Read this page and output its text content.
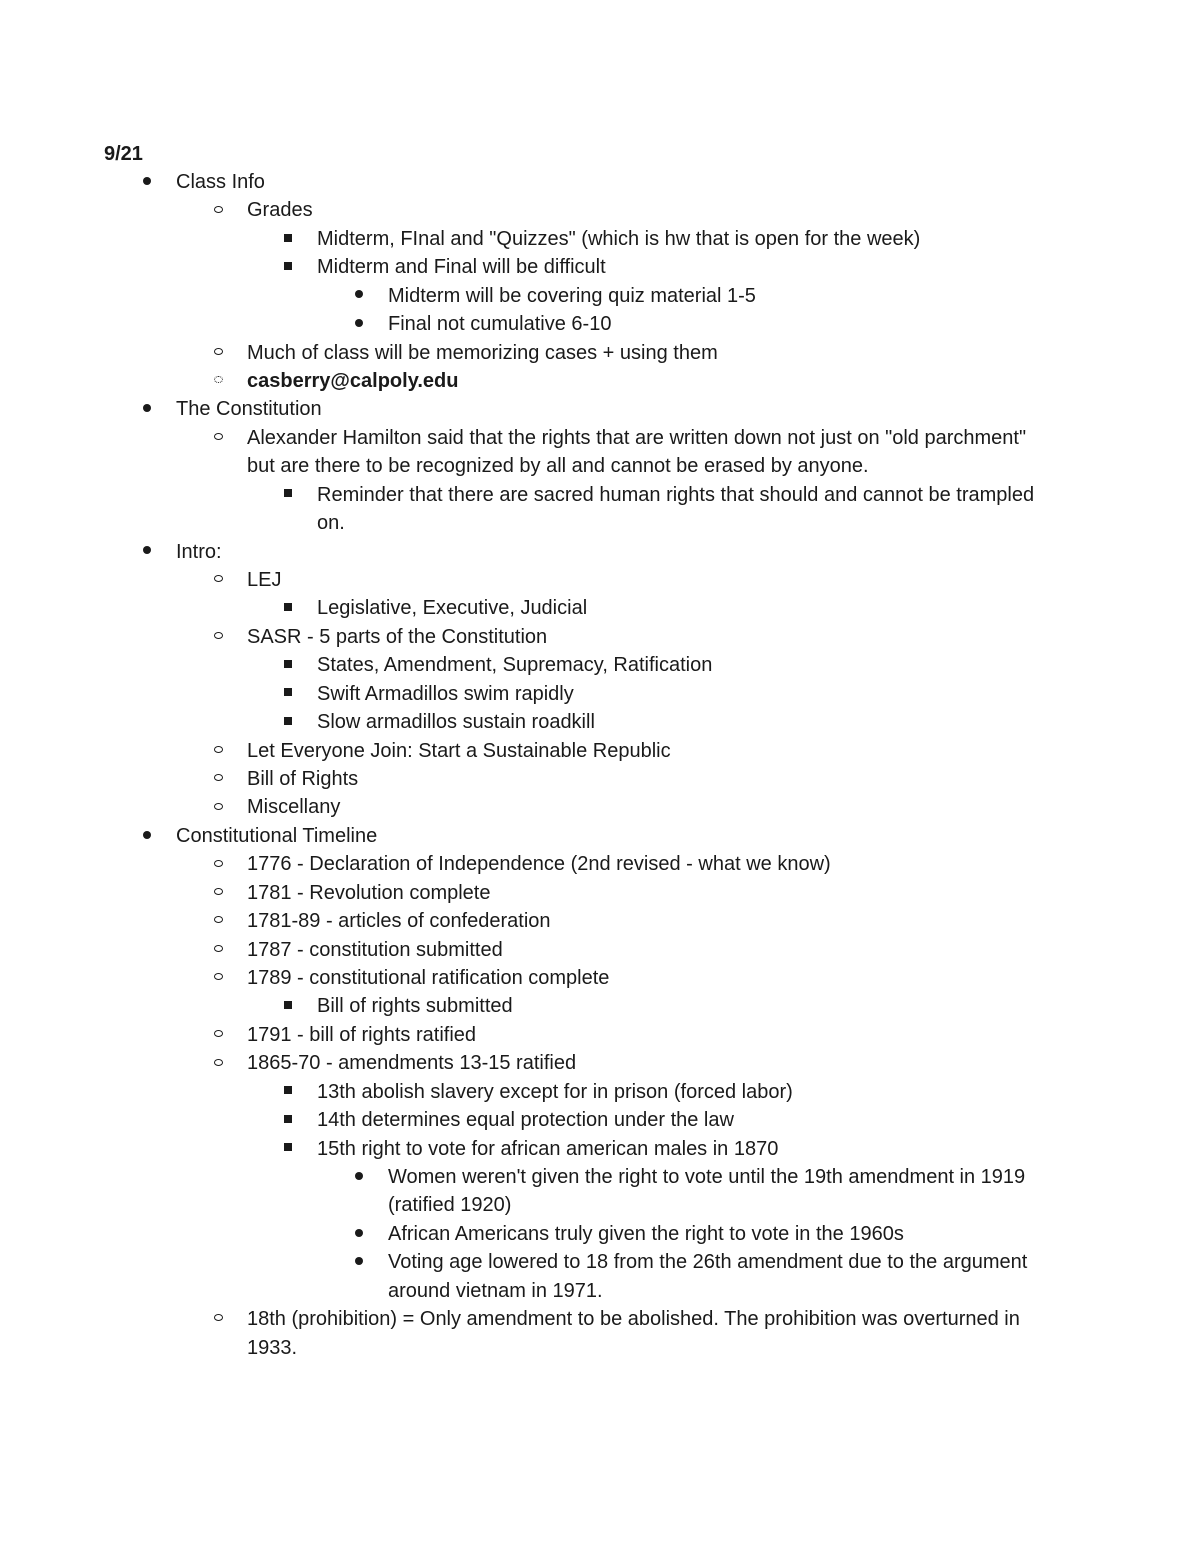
9/21
Class Info
Grades
Midterm, FInal and "Quizzes" (which is hw that is open for the week)
Midterm and Final will be difficult
Midterm will be covering quiz material 1-5
Final not cumulative 6-10
Much of class will be memorizing cases + using them
casberry@calpoly.edu
The Constitution
Alexander Hamilton said that the rights that are written down not just on "old parchment"
but are there to be recognized by all and cannot be erased by anyone.
Reminder that there are sacred human rights that should and cannot be trampled
on.
Intro:
LEJ
Legislative, Executive, Judicial
SASR - 5 parts of the Constitution
States, Amendment, Supremacy, Ratification
Swift Armadillos swim rapidly
Slow armadillos sustain roadkill
Let Everyone Join: Start a Sustainable Republic
Bill of Rights
Miscellany
Constitutional Timeline
1776 - Declaration of Independence (2nd revised - what we know)
1781 - Revolution complete
1781-89 - articles of confederation
1787 - constitution submitted
1789 - constitutional ratification complete
Bill of rights submitted
1791 - bill of rights ratified
1865-70 - amendments 13-15 ratified
13th abolish slavery except for in prison (forced labor)
14th determines equal protection under the law
15th right to vote for african american males in 1870
Women weren't given the right to vote until the 19th amendment in 1919
(ratified 1920)
African Americans truly given the right to vote in the 1960s
Voting age lowered to 18 from the 26th amendment due to the argument
around vietnam in 1971.
18th (prohibition) = Only amendment to be abolished. The prohibition was overturned in
1933.
